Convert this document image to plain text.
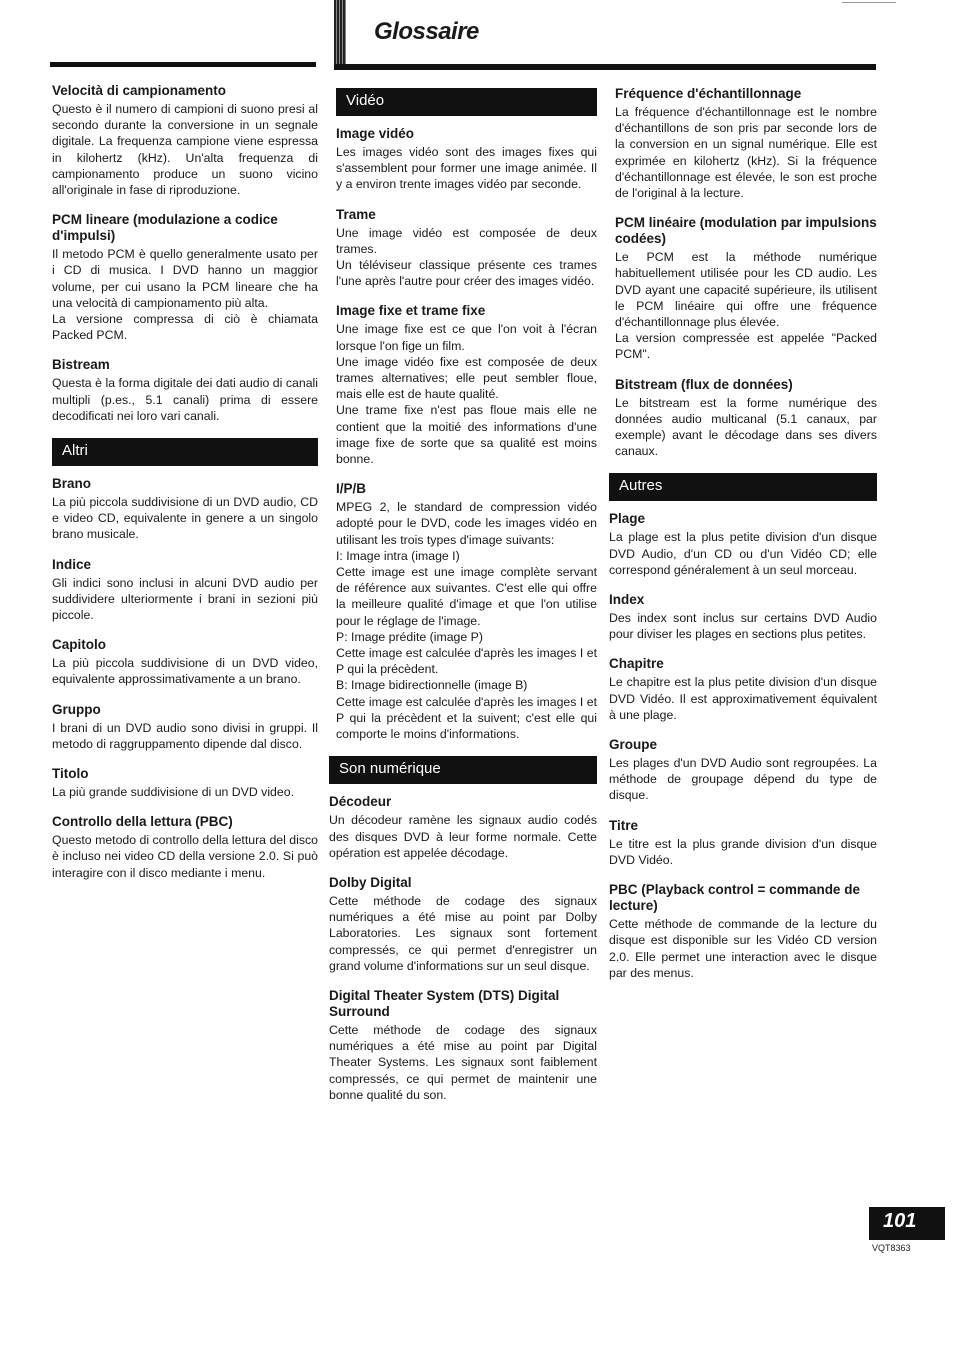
Glossaire
Velocità di campionamento

Questo è il numero di campioni di suono presi al secondo durante la conversione in un segnale digitale. La frequenza campione viene espressa in kilohertz (kHz). Un'alta frequenza di campionamento produce un suono vicino all'originale in fase di riproduzione.

PCM lineare (modulazione a codice d'impulsi)

Il metodo PCM è quello generalmente usato per i CD di musica. I DVD hanno un maggior volume, per cui usano la PCM lineare che ha una velocità di campionamento più alta.

La versione compressa di ciò è chiamata Packed PCM.

Bistream

Questa è la forma digitale dei dati audio di canali multipli (p.es., 5.1 canali) prima di essere decodificati nei loro vari canali.

Altri
Brano

La più piccola suddivisione di un DVD audio, CD e video CD, equivalente in genere a un singolo brano musicale.

Indice

Gli indici sono inclusi in alcuni DVD audio per suddividere ulteriormente i brani in sezioni più piccole.

Capitolo

La più piccola suddivisione di un DVD video, equivalente approssimativamente a un brano.

Gruppo

I brani di un DVD audio sono divisi in gruppi. Il metodo di raggruppamento dipende dal disco.

Titolo

La più grande suddivisione di un DVD video.

Controllo della lettura (PBC)

Questo metodo di controllo della lettura del disco è incluso nei video CD della versione 2.0. Si può interagire con il disco mediante i menu.

Vidéo
Image vidéo

Les images vidéo sont des images fixes qui s'assemblent pour former une image animée. Il y a environ trente images vidéo par seconde.

Trame

Une image vidéo est composée de deux trames.

Un téléviseur classique présente ces trames l'une après l'autre pour créer des images vidéo.

Image fixe et trame fixe

Une image fixe est ce que l'on voit à l'écran lorsque l'on fige un film.

Une image vidéo fixe est composée de deux trames alternatives; elle peut sembler floue, mais elle est de haute qualité.

Une trame fixe n'est pas floue mais elle ne contient que la moitié des informations d'une image fixe de sorte que sa qualité est moins bonne.

I/P/B

MPEG 2, le standard de compression vidéo adopté pour le DVD, code les images vidéo en utilisant les trois types d'image suivants:

I: Image intra (image I)

Cette image est une image complète servant de référence aux suivantes. C'est elle qui offre la meilleure qualité d'image et que l'on utilise pour le réglage de l'image.

P: Image prédite (image P)

Cette image est calculée d'après les images I et P qui la précèdent.

B: Image bidirectionnelle (image B)

Cette image est calculée d'après les images I et P qui la précèdent et la suivent; c'est elle qui comporte le moins d'informations.

Son numérique
Décodeur

Un décodeur ramène les signaux audio codés des disques DVD à leur forme normale. Cette opération est appelée décodage.

Dolby Digital

Cette méthode de codage des signaux numériques a été mise au point par Dolby Laboratories. Les signaux sont fortement compressés, ce qui permet d'enregistrer un grand volume d'informations sur un seul disque.

Digital Theater System (DTS) Digital Surround

Cette méthode de codage des signaux numériques a été mise au point par Digital Theater Systems. Les signaux sont faiblement compressés, ce qui permet de maintenir une bonne qualité du son.

Fréquence d'échantillonnage

La fréquence d'échantillonnage est le nombre d'échantillons de son pris par seconde lors de la conversion en un signal numérique. Elle est exprimée en kilohertz (kHz). Si la fréquence d'échantillonnage est élevée, le son est proche de l'original à la lecture.

PCM linéaire (modulation par impulsions codées)

Le PCM est la méthode numérique habituellement utilisée pour les CD audio. Les DVD ayant une capacité supérieure, ils utilisent le PCM linéaire qui offre une fréquence d'échantillonnage plus élevée.

La version compressée est appelée "Packed PCM".

Bitstream (flux de données)

Le bitstream est la forme numérique des données audio multicanal (5.1 canaux, par exemple) avant le décodage dans ses divers canaux.

Autres
Plage

La plage est la plus petite division d'un disque DVD Audio, d'un CD ou d'un Vidéo CD; elle correspond généralement à un seul morceau.

Index

Des index sont inclus sur certains DVD Audio pour diviser les plages en sections plus petites.

Chapitre

Le chapitre est la plus petite division d'un disque DVD Vidéo. Il est approximativement équivalent à une plage.

Groupe

Les plages d'un DVD Audio sont regroupées. La méthode de groupage dépend du type de disque.

Titre

Le titre est la plus grande division d'un disque DVD Vidéo.

PBC (Playback control = commande de lecture)

Cette méthode de commande de la lecture du disque est disponible sur les Vidéo CD version 2.0. Elle permet une interaction avec le disque par des menus.

101
VQT8363
